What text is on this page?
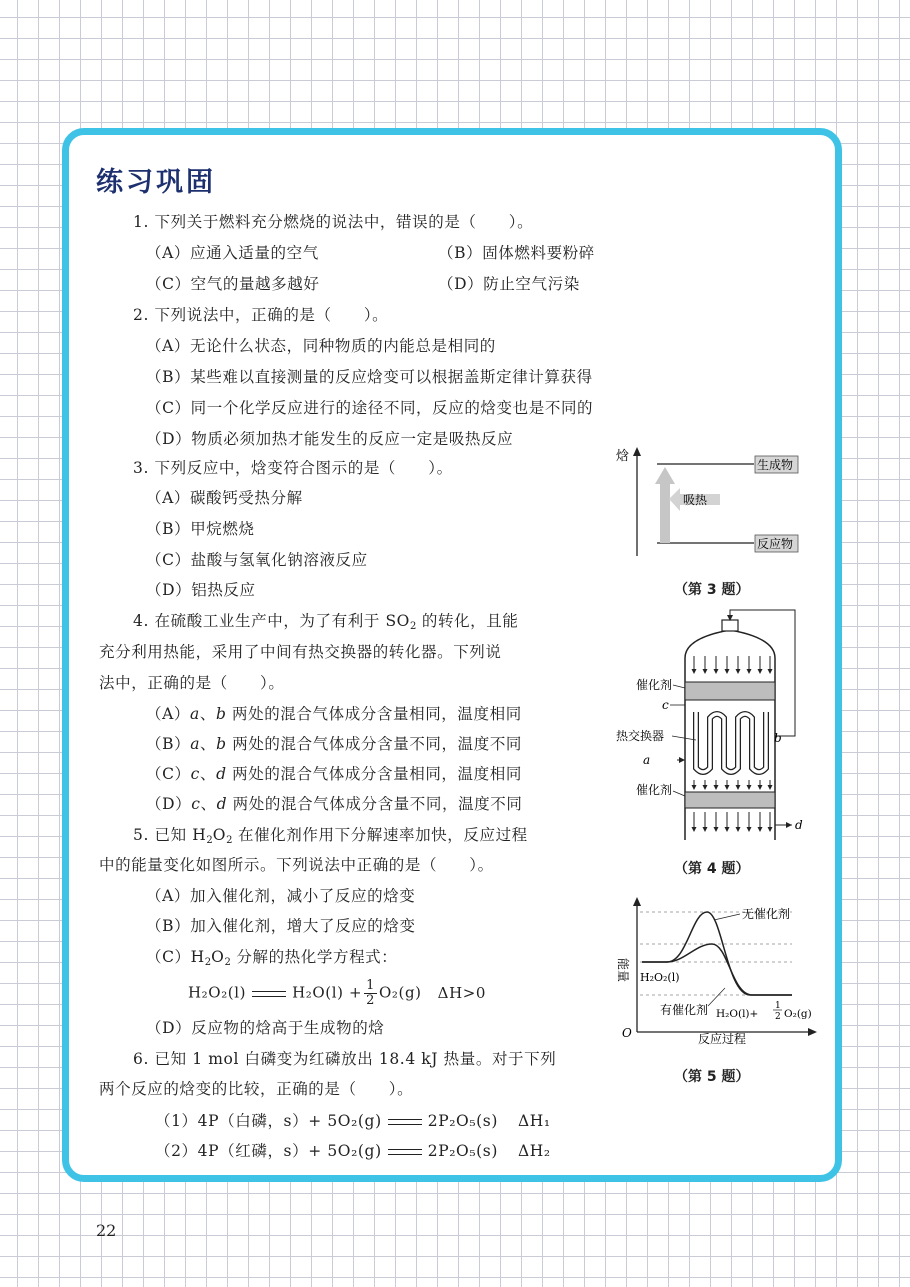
练习巩固
1. 下列关于燃料充分燃烧的说法中，错误的是（　　）。
（A）应通入适量的空气	（B）固体燃料要粉碎
（C）空气的量越多越好	（D）防止空气污染
2. 下列说法中，正确的是（　　）。
（A）无论什么状态，同种物质的内能总是相同的
（B）某些难以直接测量的反应焓变可以根据盖斯定律计算获得
（C）同一个化学反应进行的途径不同，反应的焓变也是不同的
（D）物质必须加热才能发生的反应一定是吸热反应
3. 下列反应中，焓变符合图示的是（　　）。
（A）碳酸钙受热分解
（B）甲烷燃烧
（C）盐酸与氢氧化钠溶液反应
（D）铝热反应
4. 在硫酸工业生产中，为了有利于 $SO_2$ 的转化，且能
充分利用热能，采用了中间有热交换器的转化器。下列说
法中，正确的是（　　）。
（A）a、b 两处的混合气体成分含量相同，温度相同
（B）a、b 两处的混合气体成分含量不同，温度不同
（C）c、d 两处的混合气体成分含量相同，温度相同
（D）c、d 两处的混合气体成分含量不同，温度不同
5. 已知 $H_2O_2$ 在催化剂作用下分解速率加快，反应过程
中的能量变化如图所示。下列说法中正确的是（　　）。
（A）加入催化剂，减小了反应的焓变
（B）加入催化剂，增大了反应的焓变
$(C)H_2O_2$ 分解的热化学方程式：
H₂O₂(l)	$H_2O(l) + \frac{1}{2} O_2(g)$ ΔH>0
（D）反应物的焓高于生成物的焓
6. 已知 1 mol 白磷变为红磷放出 18.4 kJ 热量。对于下列
两个反应的焓变的比较，正确的是（　　）。
（1）4P（白磷，s）+ 5O₂(g)	2P₂O₅(s) ΔH₁
（2）4P（红磷，s）+ 5O₂(g)	2P₂O₅(s) ΔH₂
焓
生成物
反应物
吸热
（第 3 题）
催化剂
c
热交换器
a
b
催化剂
d
（第 4 题）
能量
O	反应过程
无催化剂
H₂O₂(l)
有催化剂 H₂O(l)+
1
2 O₂(g)
（第 5 题）
22
